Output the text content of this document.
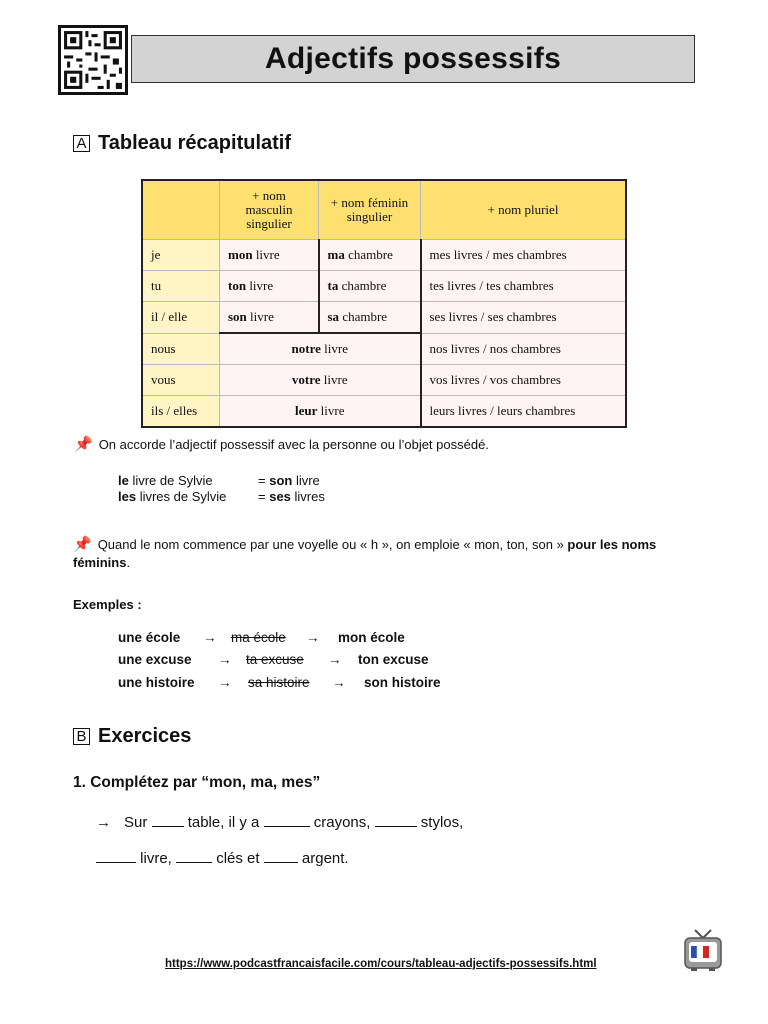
Adjectifs possessifs
A Tableau récapitulatif
	+ nom masculin singulier	+ nom féminin singulier	+ nom pluriel
je	mon livre	ma chambre	mes livres / mes chambres
tu	ton livre	ta chambre	tes livres / tes chambres
il / elle	son livre	sa chambre	ses livres / ses chambres
nous	notre livre		nos livres / nos chambres
vous	votre livre		vos livres / vos chambres
ils / elles	leur livre		leurs livres / leurs chambres
📌 On accorde l’adjectif possessif avec la personne ou l’objet possédé.
le livre de Sylvie	= son livre
les livres de Sylvie = ses livres
📌 Quand le nom commence par une voyelle ou « h », on emploie « mon, ton, son » pour les noms féminins.
Exemples :
une école → ma école → mon école
une excuse → ta excuse→ ton excuse
une histoire → sa histoire → son histoire
B Exercices
1. Complétez par “mon, ma, mes”
→ Sur	table, il y a	crayons,	stylos,
livre,	clés et	argent.
https://www.podcastfrancaisfacile.com/cours/tableau-adjectifs-possessifs.html
